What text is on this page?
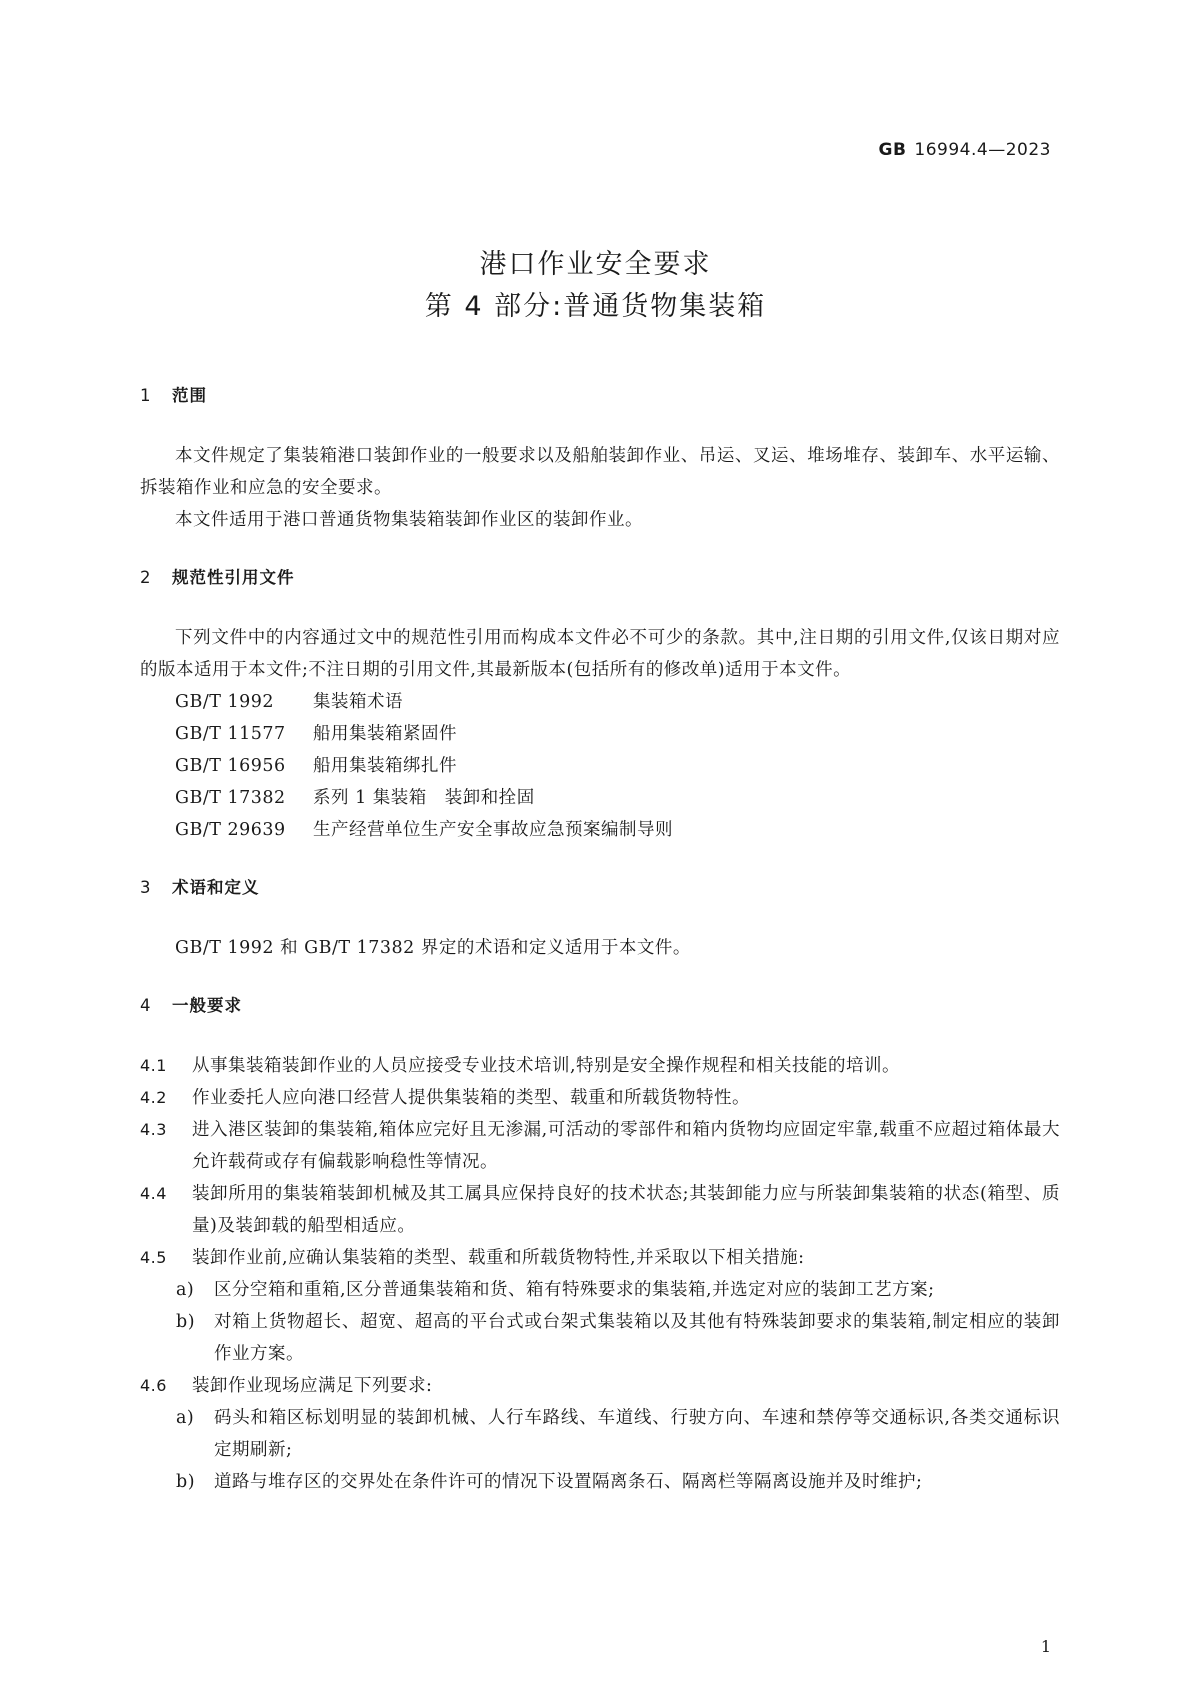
GB 16994.4—2023
港口作业安全要求
第 4 部分:普通货物集装箱
1 范围
本文件规定了集装箱港口装卸作业的一般要求以及船舶装卸作业、吊运、叉运、堆场堆存、装卸车、水平运输、拆装箱作业和应急的安全要求。
本文件适用于港口普通货物集装箱装卸作业区的装卸作业。
2 规范性引用文件
下列文件中的内容通过文中的规范性引用而构成本文件必不可少的条款。其中,注日期的引用文件,仅该日期对应的版本适用于本文件;不注日期的引用文件,其最新版本(包括所有的修改单)适用于本文件。
GB/T 1992 集装箱术语
GB/T 11577 船用集装箱紧固件
GB/T 16956 船用集装箱绑扎件
GB/T 17382 系列 1 集装箱　装卸和拴固
GB/T 29639 生产经营单位生产安全事故应急预案编制导则
3 术语和定义
GB/T 1992 和 GB/T 17382 界定的术语和定义适用于本文件。
4 一般要求
4.1	从事集装箱装卸作业的人员应接受专业技术培训,特别是安全操作规程和相关技能的培训。
4.2	作业委托人应向港口经营人提供集装箱的类型、载重和所载货物特性。
4.3	进入港区装卸的集装箱,箱体应完好且无渗漏,可活动的零部件和箱内货物均应固定牢靠,载重不应超过箱体最大允许载荷或存有偏载影响稳性等情况。
4.4	装卸所用的集装箱装卸机械及其工属具应保持良好的技术状态;其装卸能力应与所装卸集装箱的状态(箱型、质量)及装卸载的船型相适应。
4.5	装卸作业前,应确认集装箱的类型、载重和所载货物特性,并采取以下相关措施:
a)	区分空箱和重箱,区分普通集装箱和货、箱有特殊要求的集装箱,并选定对应的装卸工艺方案;
b)	对箱上货物超长、超宽、超高的平台式或台架式集装箱以及其他有特殊装卸要求的集装箱,制定相应的装卸作业方案。
4.6	装卸作业现场应满足下列要求:
a)	码头和箱区标划明显的装卸机械、人行车路线、车道线、行驶方向、车速和禁停等交通标识,各类交通标识定期刷新;
b)	道路与堆存区的交界处在条件许可的情况下设置隔离条石、隔离栏等隔离设施并及时维护;
1
